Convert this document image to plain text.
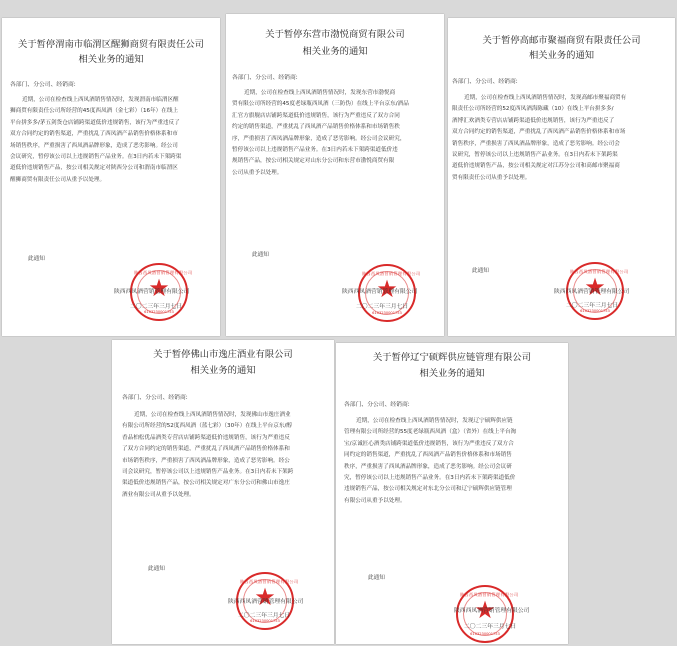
关于暂停渭南市临渭区醒狮商贸有限责任公司
相关业务的通知
各部门、分公司、经销商:
近期，公司在检查线上西凤酒销售情况时，发现渭南市临渭区醒
狮商贸有限责任公司所经营的45度西凤酒（金七彩）（16年）在线上
平台拼多多/茅五剑货仓店铺跨渠道低价违规销售，该行为严重违反了
双方合同约定的销售渠道，严重扰乱了西凤酒产品销售价格体系和市
场销售秩序，严重损害了西凤酒品牌形象，造成了恶劣影响。经公司
会议研究，暂停该公司以上违规销售产品业务。在3日内若未下架跨渠
道低价违规销售产品，按公司相关规定对陕西分公司和渭南市临渭区
醒狮商贸有限责任公司从重予以处理。
此通知
陕西西凤酒营销管理有限公司
★
6103230001753
陕西西凤酒营销管理有限公司
二〇二三年三月七日
关于暂停东营市渤悦商贸有限公司
相关业务的通知
各部门、分公司、经销商:
近期，公司在检查线上西凤酒销售情况时，发现东营市渤悦商
贸有限公司所经营的45度老绿瓶西凤酒（三防伪）在线上平台京东/酒品
汇官方旗舰店店铺跨渠道低价违规销售，该行为严重违反了双方合同
约定的销售渠道，严重扰乱了西凤酒产品销售价格体系和市场销售秩
序，严重损害了西凤酒品牌形象，造成了恶劣影响。经公司会议研究，
暂停该公司以上违规销售产品业务。在3日内若未下架跨渠道低价违
规销售产品，按公司相关规定对山东分公司和东营市渤悦商贸有限
公司从重予以处理。
此通知
陕西西凤酒营销管理有限公司
★
6103230001753
陕西西凤酒营销管理有限公司
二〇二三年三月七日
关于暂停高邮市聚福商贸有限责任公司
相关业务的通知
各部门、分公司、经销商:
近期，公司在检查线上西凤酒销售情况时，发现高邮市聚福商贸有
限责任公司所经营的52度西凤酒海陈藏（10）在线上平台拼多多/
酒博汇欢酒类专营店店铺跨渠道低价违规销售，该行为严重违反了
双方合同约定的销售渠道，严重扰乱了西凤酒产品销售价格体系和市场
销售秩序，严重损害了西凤酒品牌形象，造成了恶劣影响。经公司会
议研究，暂停该公司以上违规销售产品业务。在3日内若未下架跨渠
道低价违规销售产品，按公司相关规定对江苏分公司和高邮市聚福商
贸有限责任公司从重予以处理。
此通知	陕西西凤酒营销管理有限公司
★
6103230001753
陕西西凤酒营销管理有限公司
二〇二三年三月七日
关于暂停佛山市逸庄酒业有限公司
相关业务的通知
各部门、分公司、经销商:
近期，公司在检查线上西凤酒销售情况时，发现佛山市逸庄酒业
有限公司所经营的52度西凤酒（蓝七彩）（30年）在线上平台京东/醇
香品柏松优品酒类专营店店铺跨渠道低价违规销售，该行为严重违反
了双方合同约定的销售渠道，严重扰乱了西凤酒产品销售价格体系和
市场销售秩序，严重损害了西凤酒品牌形象，造成了恶劣影响。经公
司会议研究，暂停该公司以上违规销售产品业务。在3日内若未下架跨
渠道低价违规销售产品，按公司相关规定对广东分公司和佛山市逸庄
酒业有限公司从重予以处理。
此通知
陕西西凤酒营销管理有限公司
★
6103230001753
陕西西凤酒营销管理有限公司
二〇二三年三月七日
关于暂停辽宁硕辉供应链管理有限公司
相关业务的通知
各部门、分公司、经销商:
近期，公司在检查线上西凤酒销售情况时，发现辽宁硕辉供应链
管理有限公司所经营的55度老绿瓶西凤酒（盒）（省外）在线上平台淘
宝/京诚匠心酒类店铺跨渠道低价违规销售，该行为严重违反了双方合
同约定的销售渠道，严重扰乱了西凤酒产品销售价格体系和市场销售
秩序，严重损害了西凤酒品牌形象，造成了恶劣影响。经公司会议研
究，暂停该公司以上违规销售产品业务。在3日内若未下架跨渠道低价
违规销售产品，按公司相关规定对东北分公司和辽宁硕辉供应链管理
有限公司从重予以处理。
此通知
陕西西凤酒营销管理有限公司
★
6103230001753
陕西西凤酒营销管理有限公司
二〇二三年三月七日
